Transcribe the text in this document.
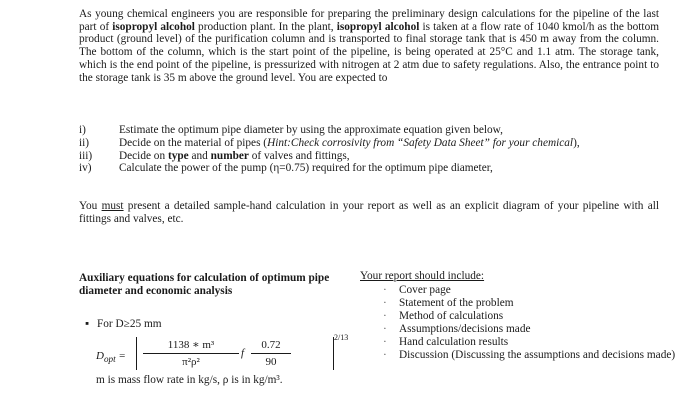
As young chemical engineers you are responsible for preparing the preliminary design calculations for the pipeline of the last part of isopropyl alcohol production plant. In the plant, isopropyl alcohol is taken at a flow rate of 1040 kmol/h as the bottom product (ground level) of the purification column and is transported to final storage tank that is 450 m away from the column. The bottom of the column, which is the start point of the pipeline, is being operated at 25°C and 1.1 atm. The storage tank, which is the end point of the pipeline, is pressurized with nitrogen at 2 atm due to safety regulations. Also, the entrance point to the storage tank is 35 m above the ground level. You are expected to

i)	Estimate the optimum pipe diameter by using the approximate equation given below,
ii)	Decide on the material of pipes (Hint:Check corrosivity from “Safety Data Sheet” for your chemical),
iii)	Decide on type and number of valves and fittings,
iv)	Calculate the power of the pump (η=0.75) required for the optimum pipe diameter,

You must present a detailed sample-hand calculation in your report as well as an explicit diagram of your pipeline with all fittings and valves, etc.

Auxiliary equations for calculation of optimum pipe diameter and economic analysis
▪ For D≥25 mm
$D_{opt} = \frac{\text{1138 ∗ m³}}{\text{π²ρ²}}$ f $\frac{0.72}{90}$	2/13
m is mass flow rate in kg/s, ρ is in kg/m³.
Your report should include:
·	Cover page
·	Statement of the problem
·	Method of calculations
·	Assumptions/decisions made
·	Hand calculation results
·	Discussion (Discussing the assumptions and decisions made)
